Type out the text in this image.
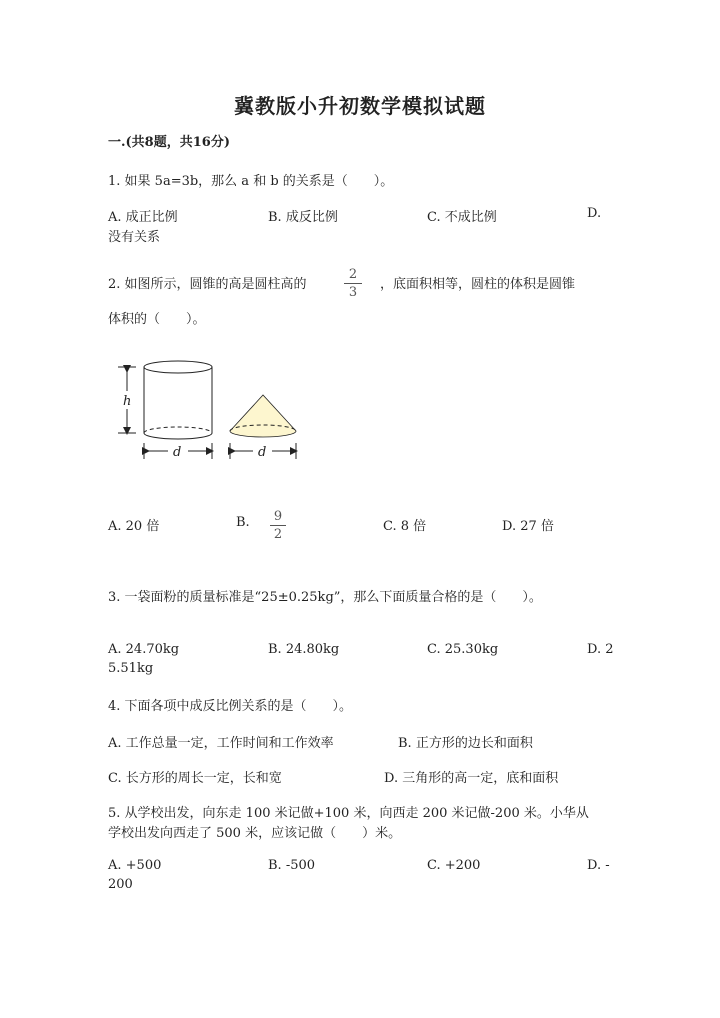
冀教版小升初数学模拟试题
一.(共8题，共16分)
1. 如果 5a=3b，那么 a 和 b 的关系是（　　）。
A. 成正比例	B. 成反比例	C. 不成比例	D.
没有关系
2. 如图所示，圆锥的高是圆柱高的
2
3
，底面积相等，圆柱的体积是圆锥
体积的（　　）。
h
d	d
A. 20 倍	B. 9
2
C. 8 倍	D. 27 倍
3. 一袋面粉的质量标准是“25±0.25kg”，那么下面质量合格的是（　　）。
A. 24.70kg	B. 24.80kg	C. 25.30kg	D. 2
5.51kg
4. 下面各项中成反比例关系的是（　　）。
A. 工作总量一定，工作时间和工作效率	B. 正方形的边长和面积
C. 长方形的周长一定，长和宽	D. 三角形的高一定，底和面积
5. 从学校出发，向东走 100 米记做+100 米，向西走 200 米记做-200 米。小华从
学校出发向西走了 500 米，应该记做（　　）米。
A. +500	B. -500	C. +200	D. -
200
